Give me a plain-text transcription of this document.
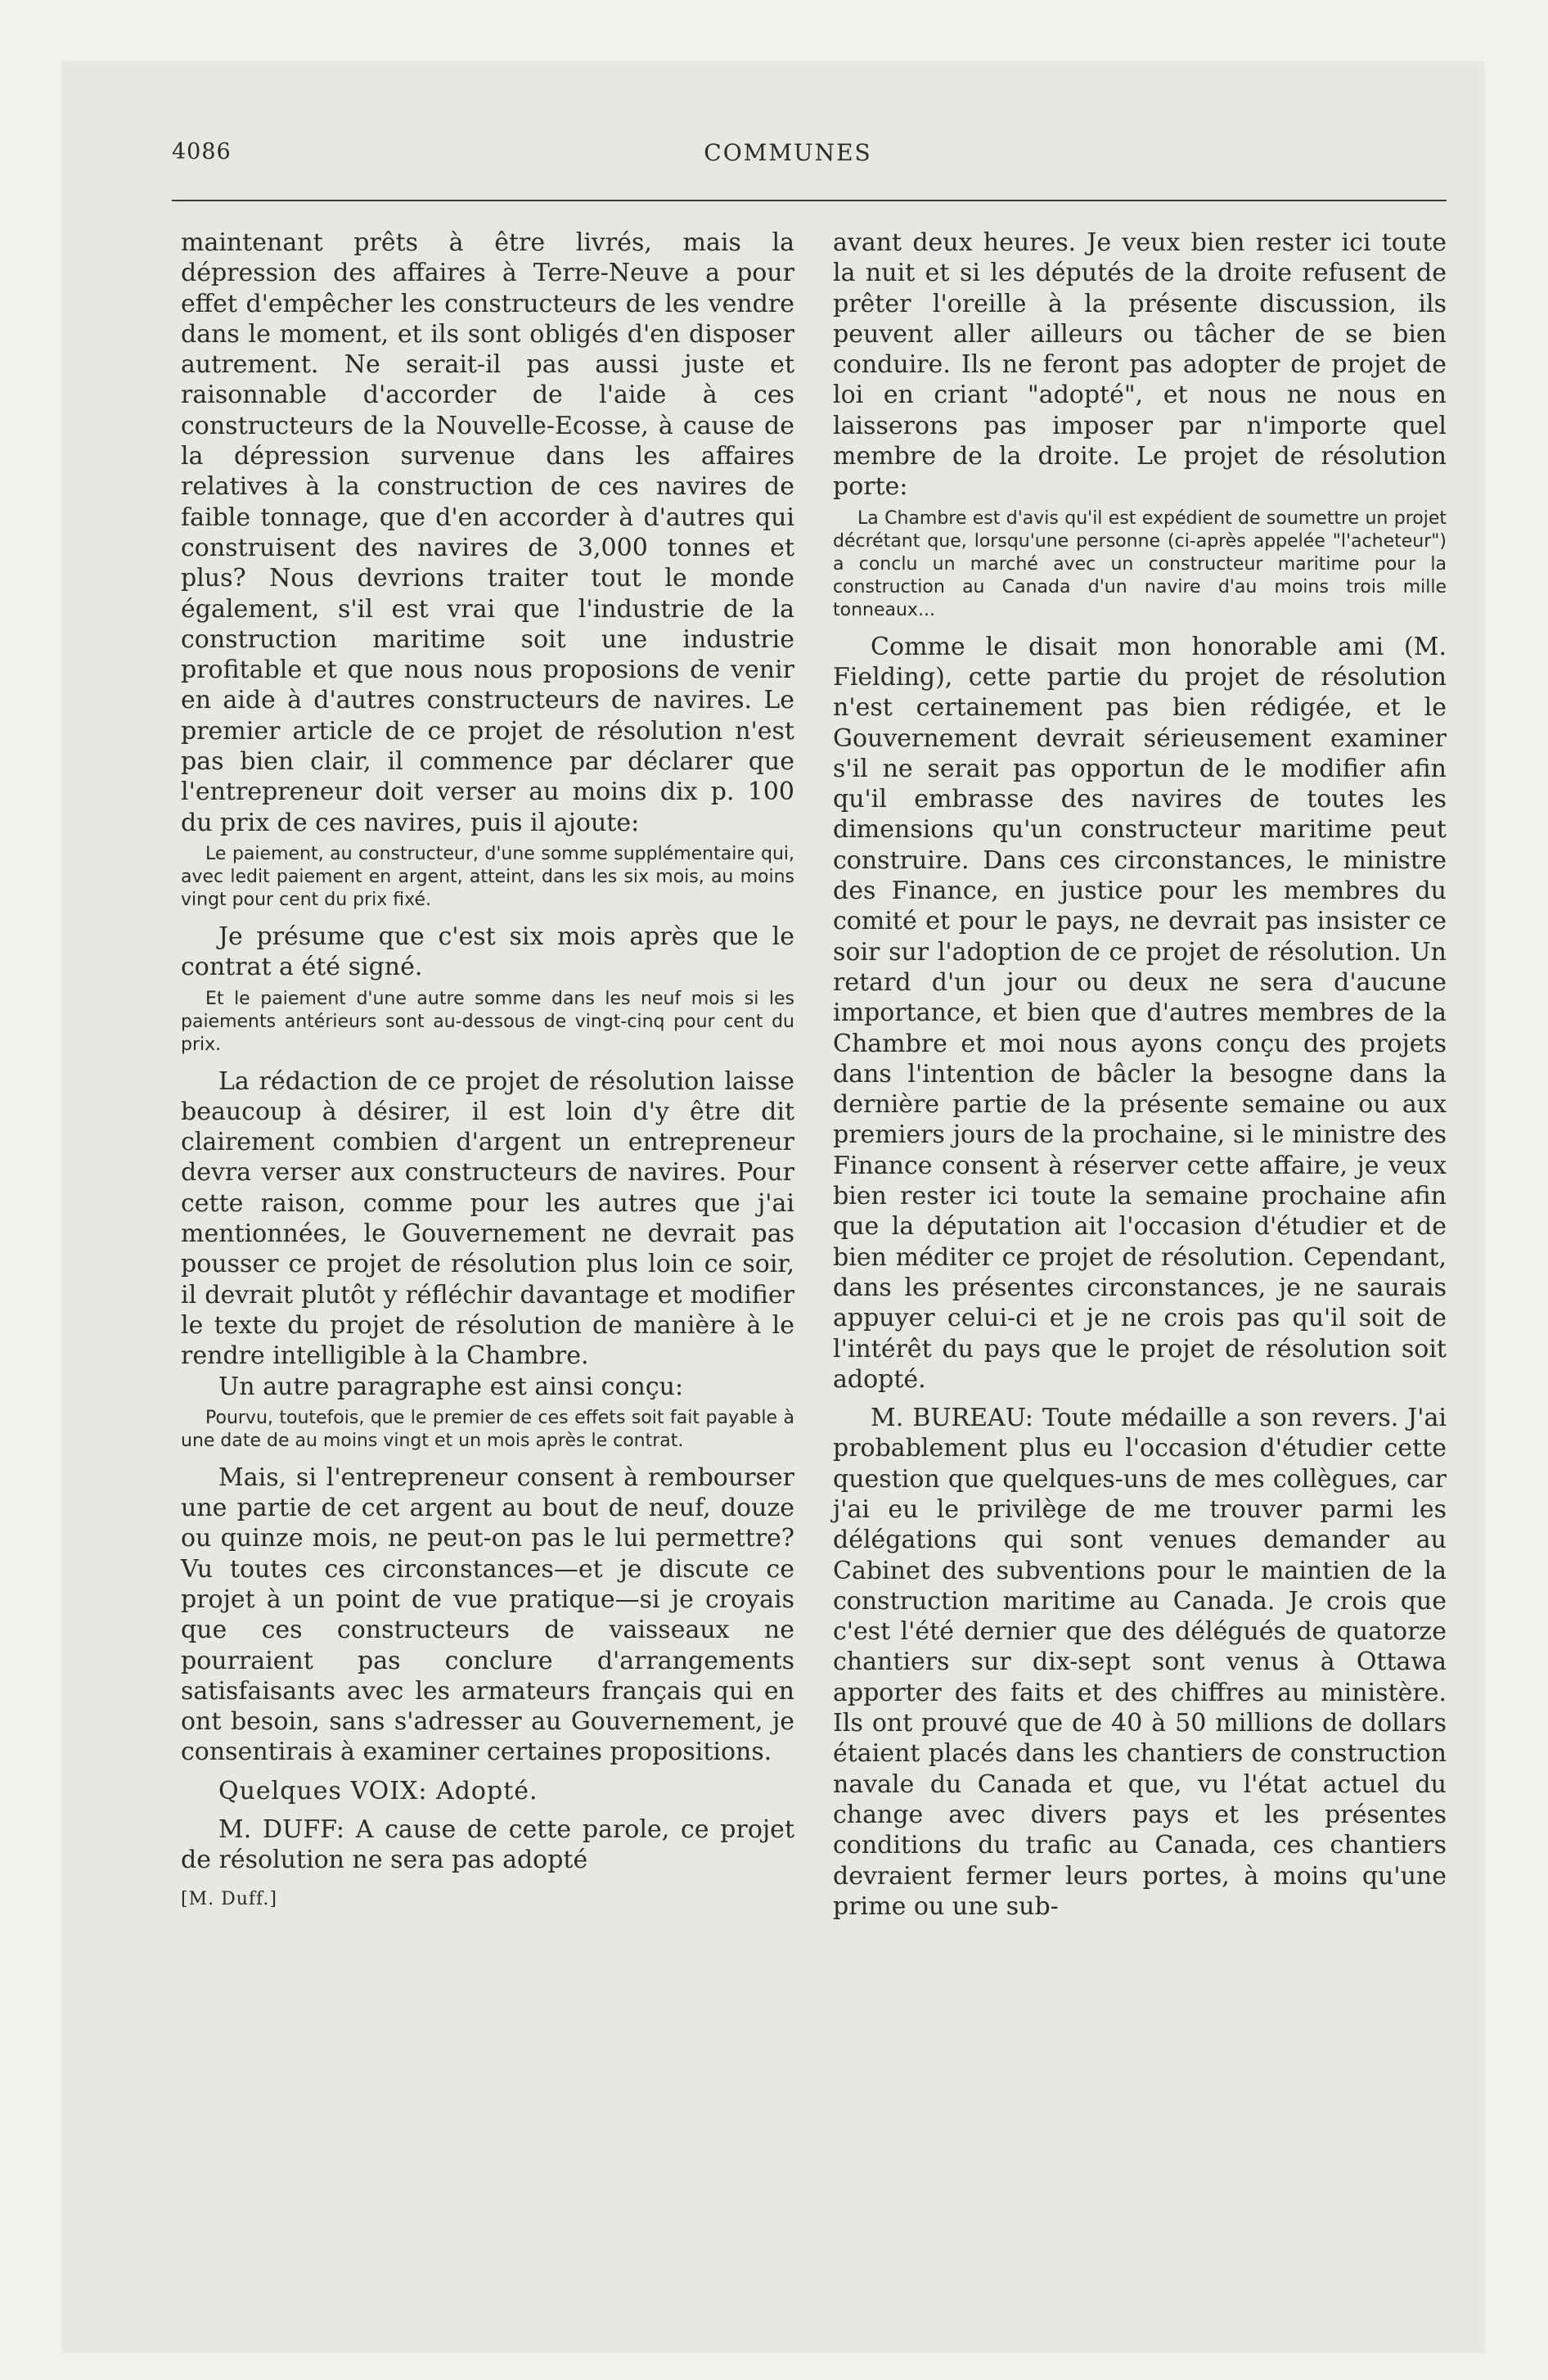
4086	COMMUNES

maintenant prêts à être livrés, mais la dépression des affaires à Terre-Neuve a pour effet d'empêcher les constructeurs de les vendre dans le moment, et ils sont obligés d'en disposer autrement. Ne serait-il pas aussi juste et raisonnable d'accorder de l'aide à ces constructeurs de la Nouvelle-Ecosse, à cause de la dépression survenue dans les affaires relatives à la construction de ces navires de faible tonnage, que d'en accorder à d'autres qui construisent des navires de 3,000 tonnes et plus? Nous devrions traiter tout le monde également, s'il est vrai que l'industrie de la construction maritime soit une industrie profitable et que nous nous proposions de venir en aide à d'autres constructeurs de navires. Le premier article de ce projet de résolution n'est pas bien clair, il commence par déclarer que l'entrepreneur doit verser au moins dix p. 100 du prix de ces navires, puis il ajoute:

Le paiement, au constructeur, d'une somme supplémentaire qui, avec ledit paiement en argent, atteint, dans les six mois, au moins vingt pour cent du prix fixé.

Je présume que c'est six mois après que le contrat a été signé.

Et le paiement d'une autre somme dans les neuf mois si les paiements antérieurs sont au-dessous de vingt-cinq pour cent du prix.

La rédaction de ce projet de résolution laisse beaucoup à désirer, il est loin d'y être dit clairement combien d'argent un entrepreneur devra verser aux constructeurs de navires. Pour cette raison, comme pour les autres que j'ai mentionnées, le Gouvernement ne devrait pas pousser ce projet de résolution plus loin ce soir, il devrait plutôt y réfléchir davantage et modifier le texte du projet de résolution de manière à le rendre intelligible à la Chambre.

Un autre paragraphe est ainsi conçu:

Pourvu, toutefois, que le premier de ces effets soit fait payable à une date de au moins vingt et un mois après le contrat.

Mais, si l'entrepreneur consent à rembourser une partie de cet argent au bout de neuf, douze ou quinze mois, ne peut-on pas le lui permettre? Vu toutes ces circonstances—et je discute ce projet à un point de vue pratique—si je croyais que ces constructeurs de vaisseaux ne pourraient pas conclure d'arrangements satisfaisants avec les armateurs français qui en ont besoin, sans s'adresser au Gouvernement, je consentirais à examiner certaines propositions.

Quelques VOIX: Adopté.

M. DUFF: A cause de cette parole, ce projet de résolution ne sera pas adopté

[M. Duff.]

avant deux heures. Je veux bien rester ici toute la nuit et si les députés de la droite refusent de prêter l'oreille à la présente discussion, ils peuvent aller ailleurs ou tâcher de se bien conduire. Ils ne feront pas adopter de projet de loi en criant "adopté", et nous ne nous en laisserons pas imposer par n'importe quel membre de la droite. Le projet de résolution porte:

La Chambre est d'avis qu'il est expédient de soumettre un projet décrétant que, lorsqu'une personne (ci-après appelée "l'acheteur") a conclu un marché avec un constructeur maritime pour la construction au Canada d'un navire d'au moins trois mille tonneaux...

Comme le disait mon honorable ami (M. Fielding), cette partie du projet de résolution n'est certainement pas bien rédigée, et le Gouvernement devrait sérieusement examiner s'il ne serait pas opportun de le modifier afin qu'il embrasse des navires de toutes les dimensions qu'un constructeur maritime peut construire. Dans ces circonstances, le ministre des Finance, en justice pour les membres du comité et pour le pays, ne devrait pas insister ce soir sur l'adoption de ce projet de résolution. Un retard d'un jour ou deux ne sera d'aucune importance, et bien que d'autres membres de la Chambre et moi nous ayons conçu des projets dans l'intention de bâcler la besogne dans la dernière partie de la présente semaine ou aux premiers jours de la prochaine, si le ministre des Finance consent à réserver cette affaire, je veux bien rester ici toute la semaine prochaine afin que la députation ait l'occasion d'étudier et de bien méditer ce projet de résolution. Cependant, dans les présentes circonstances, je ne saurais appuyer celui-ci et je ne crois pas qu'il soit de l'intérêt du pays que le projet de résolution soit adopté.

M. BUREAU: Toute médaille a son revers. J'ai probablement plus eu l'occasion d'étudier cette question que quelques-uns de mes collègues, car j'ai eu le privilège de me trouver parmi les délégations qui sont venues demander au Cabinet des subventions pour le maintien de la construction maritime au Canada. Je crois que c'est l'été dernier que des délégués de quatorze chantiers sur dix-sept sont venus à Ottawa apporter des faits et des chiffres au ministère. Ils ont prouvé que de 40 à 50 millions de dollars étaient placés dans les chantiers de construction navale du Canada et que, vu l'état actuel du change avec divers pays et les présentes conditions du trafic au Canada, ces chantiers devraient fermer leurs portes, à moins qu'une prime ou une sub-
